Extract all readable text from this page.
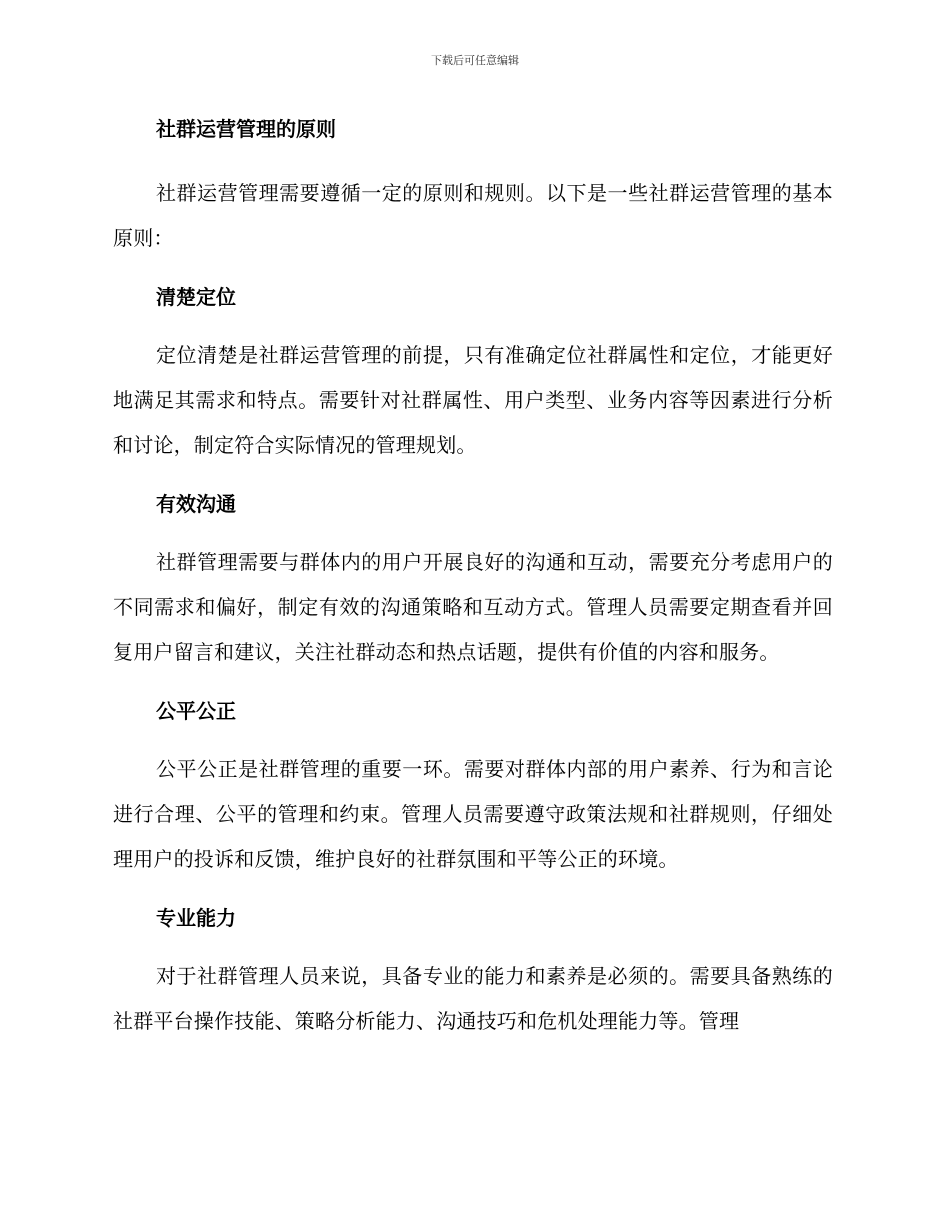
下载后可任意编辑
社群运营管理的原则

社群运营管理需要遵循一定的原则和规则。以下是一些社群运营管理的基本原则：

清楚定位

定位清楚是社群运营管理的前提，只有准确定位社群属性和定位，才能更好地满足其需求和特点。需要针对社群属性、用户类型、业务内容等因素进行分析和讨论，制定符合实际情况的管理规划。

有效沟通

社群管理需要与群体内的用户开展良好的沟通和互动，需要充分考虑用户的不同需求和偏好，制定有效的沟通策略和互动方式。管理人员需要定期查看并回复用户留言和建议，关注社群动态和热点话题，提供有价值的内容和服务。

公平公正

公平公正是社群管理的重要一环。需要对群体内部的用户素养、行为和言论进行合理、公平的管理和约束。管理人员需要遵守政策法规和社群规则，仔细处理用户的投诉和反馈，维护良好的社群氛围和平等公正的环境。

专业能力

对于社群管理人员来说，具备专业的能力和素养是必须的。需要具备熟练的社群平台操作技能、策略分析能力、沟通技巧和危机处理能力等。管理
